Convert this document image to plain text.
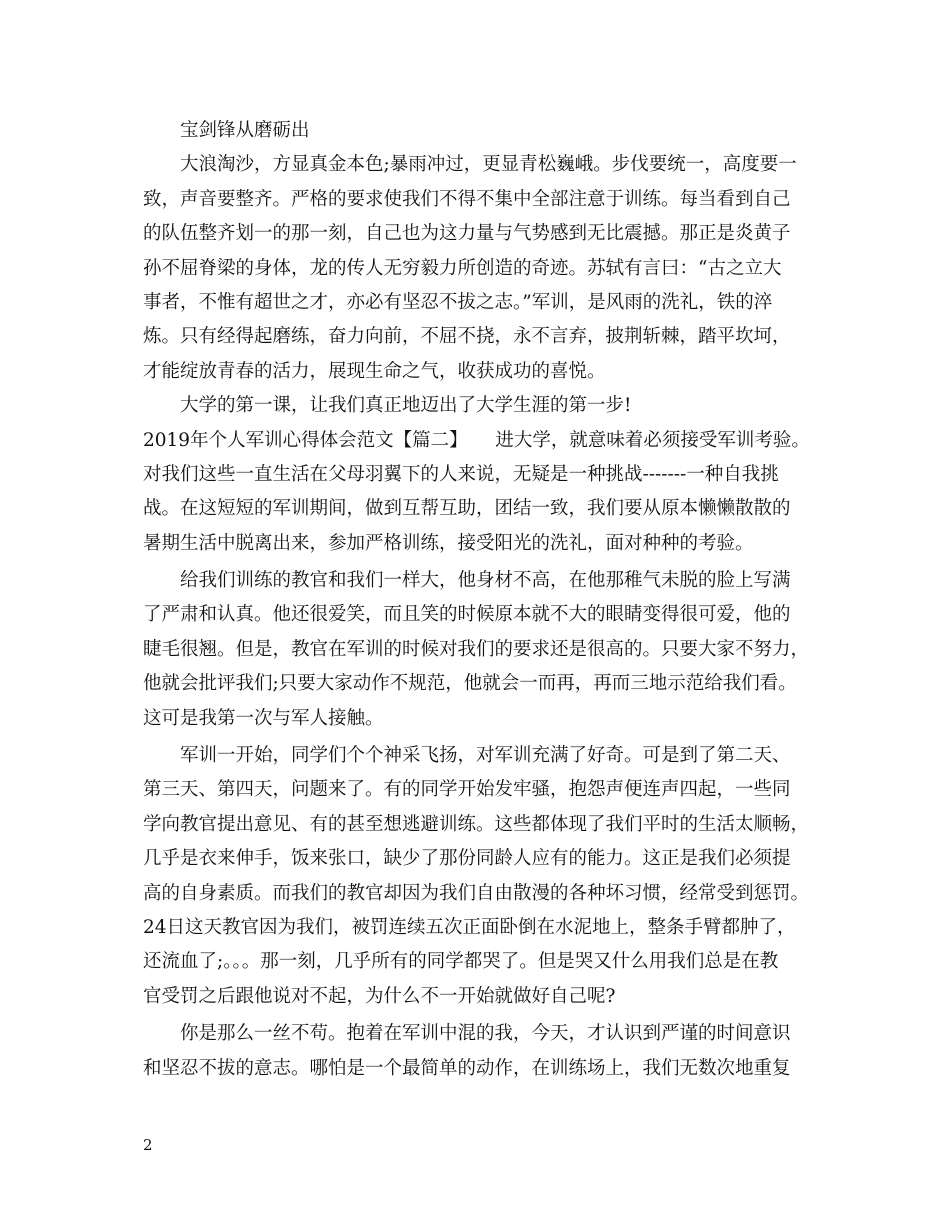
宝剑锋从磨砺出
大浪淘沙，方显真金本色;暴雨冲过，更显青松巍峨。步伐要统一，高度要一
致，声音要整齐。严格的要求使我们不得不集中全部注意于训练。每当看到自己
的队伍整齐划一的那一刻，自己也为这力量与气势感到无比震撼。那正是炎黄子
孙不屈脊梁的身体，龙的传人无穷毅力所创造的奇迹。苏轼有言曰：“古之立大
事者，不惟有超世之才，亦必有坚忍不拔之志。”军训，是风雨的洗礼，铁的淬
炼。只有经得起磨练，奋力向前，不屈不挠，永不言弃，披荆斩棘，踏平坎坷，
才能绽放青春的活力，展现生命之气，收获成功的喜悦。
大学的第一课，让我们真正地迈出了大学生涯的第一步!
2019年个人军训心得体会范文【篇二】　　进大学，就意味着必须接受军训考验。
对我们这些一直生活在父母羽翼下的人来说，无疑是一种挑战-------一种自我挑
战。在这短短的军训期间，做到互帮互助，团结一致，我们要从原本懒懒散散的
暑期生活中脱离出来，参加严格训练，接受阳光的洗礼，面对种种的考验。
给我们训练的教官和我们一样大，他身材不高，在他那稚气未脱的脸上写满
了严肃和认真。他还很爱笑，而且笑的时候原本就不大的眼睛变得很可爱，他的
睫毛很翘。但是，教官在军训的时候对我们的要求还是很高的。只要大家不努力，
他就会批评我们;只要大家动作不规范，他就会一而再，再而三地示范给我们看。
这可是我第一次与军人接触。
军训一开始，同学们个个神采飞扬，对军训充满了好奇。可是到了第二天、
第三天、第四天，问题来了。有的同学开始发牢骚，抱怨声便连声四起，一些同
学向教官提出意见、有的甚至想逃避训练。这些都体现了我们平时的生活太顺畅，
几乎是衣来伸手，饭来张口，缺少了那份同龄人应有的能力。这正是我们必须提
高的自身素质。而我们的教官却因为我们自由散漫的各种坏习惯，经常受到惩罚。
24日这天教官因为我们，被罚连续五次正面卧倒在水泥地上，整条手臂都肿了，
还流血了;。。。那一刻，几乎所有的同学都哭了。但是哭又什么用我们总是在教
官受罚之后跟他说对不起，为什么不一开始就做好自己呢?
你是那么一丝不苟。抱着在军训中混的我，今天，才认识到严谨的时间意识
和坚忍不拔的意志。哪怕是一个最简单的动作，在训练场上，我们无数次地重复
2
